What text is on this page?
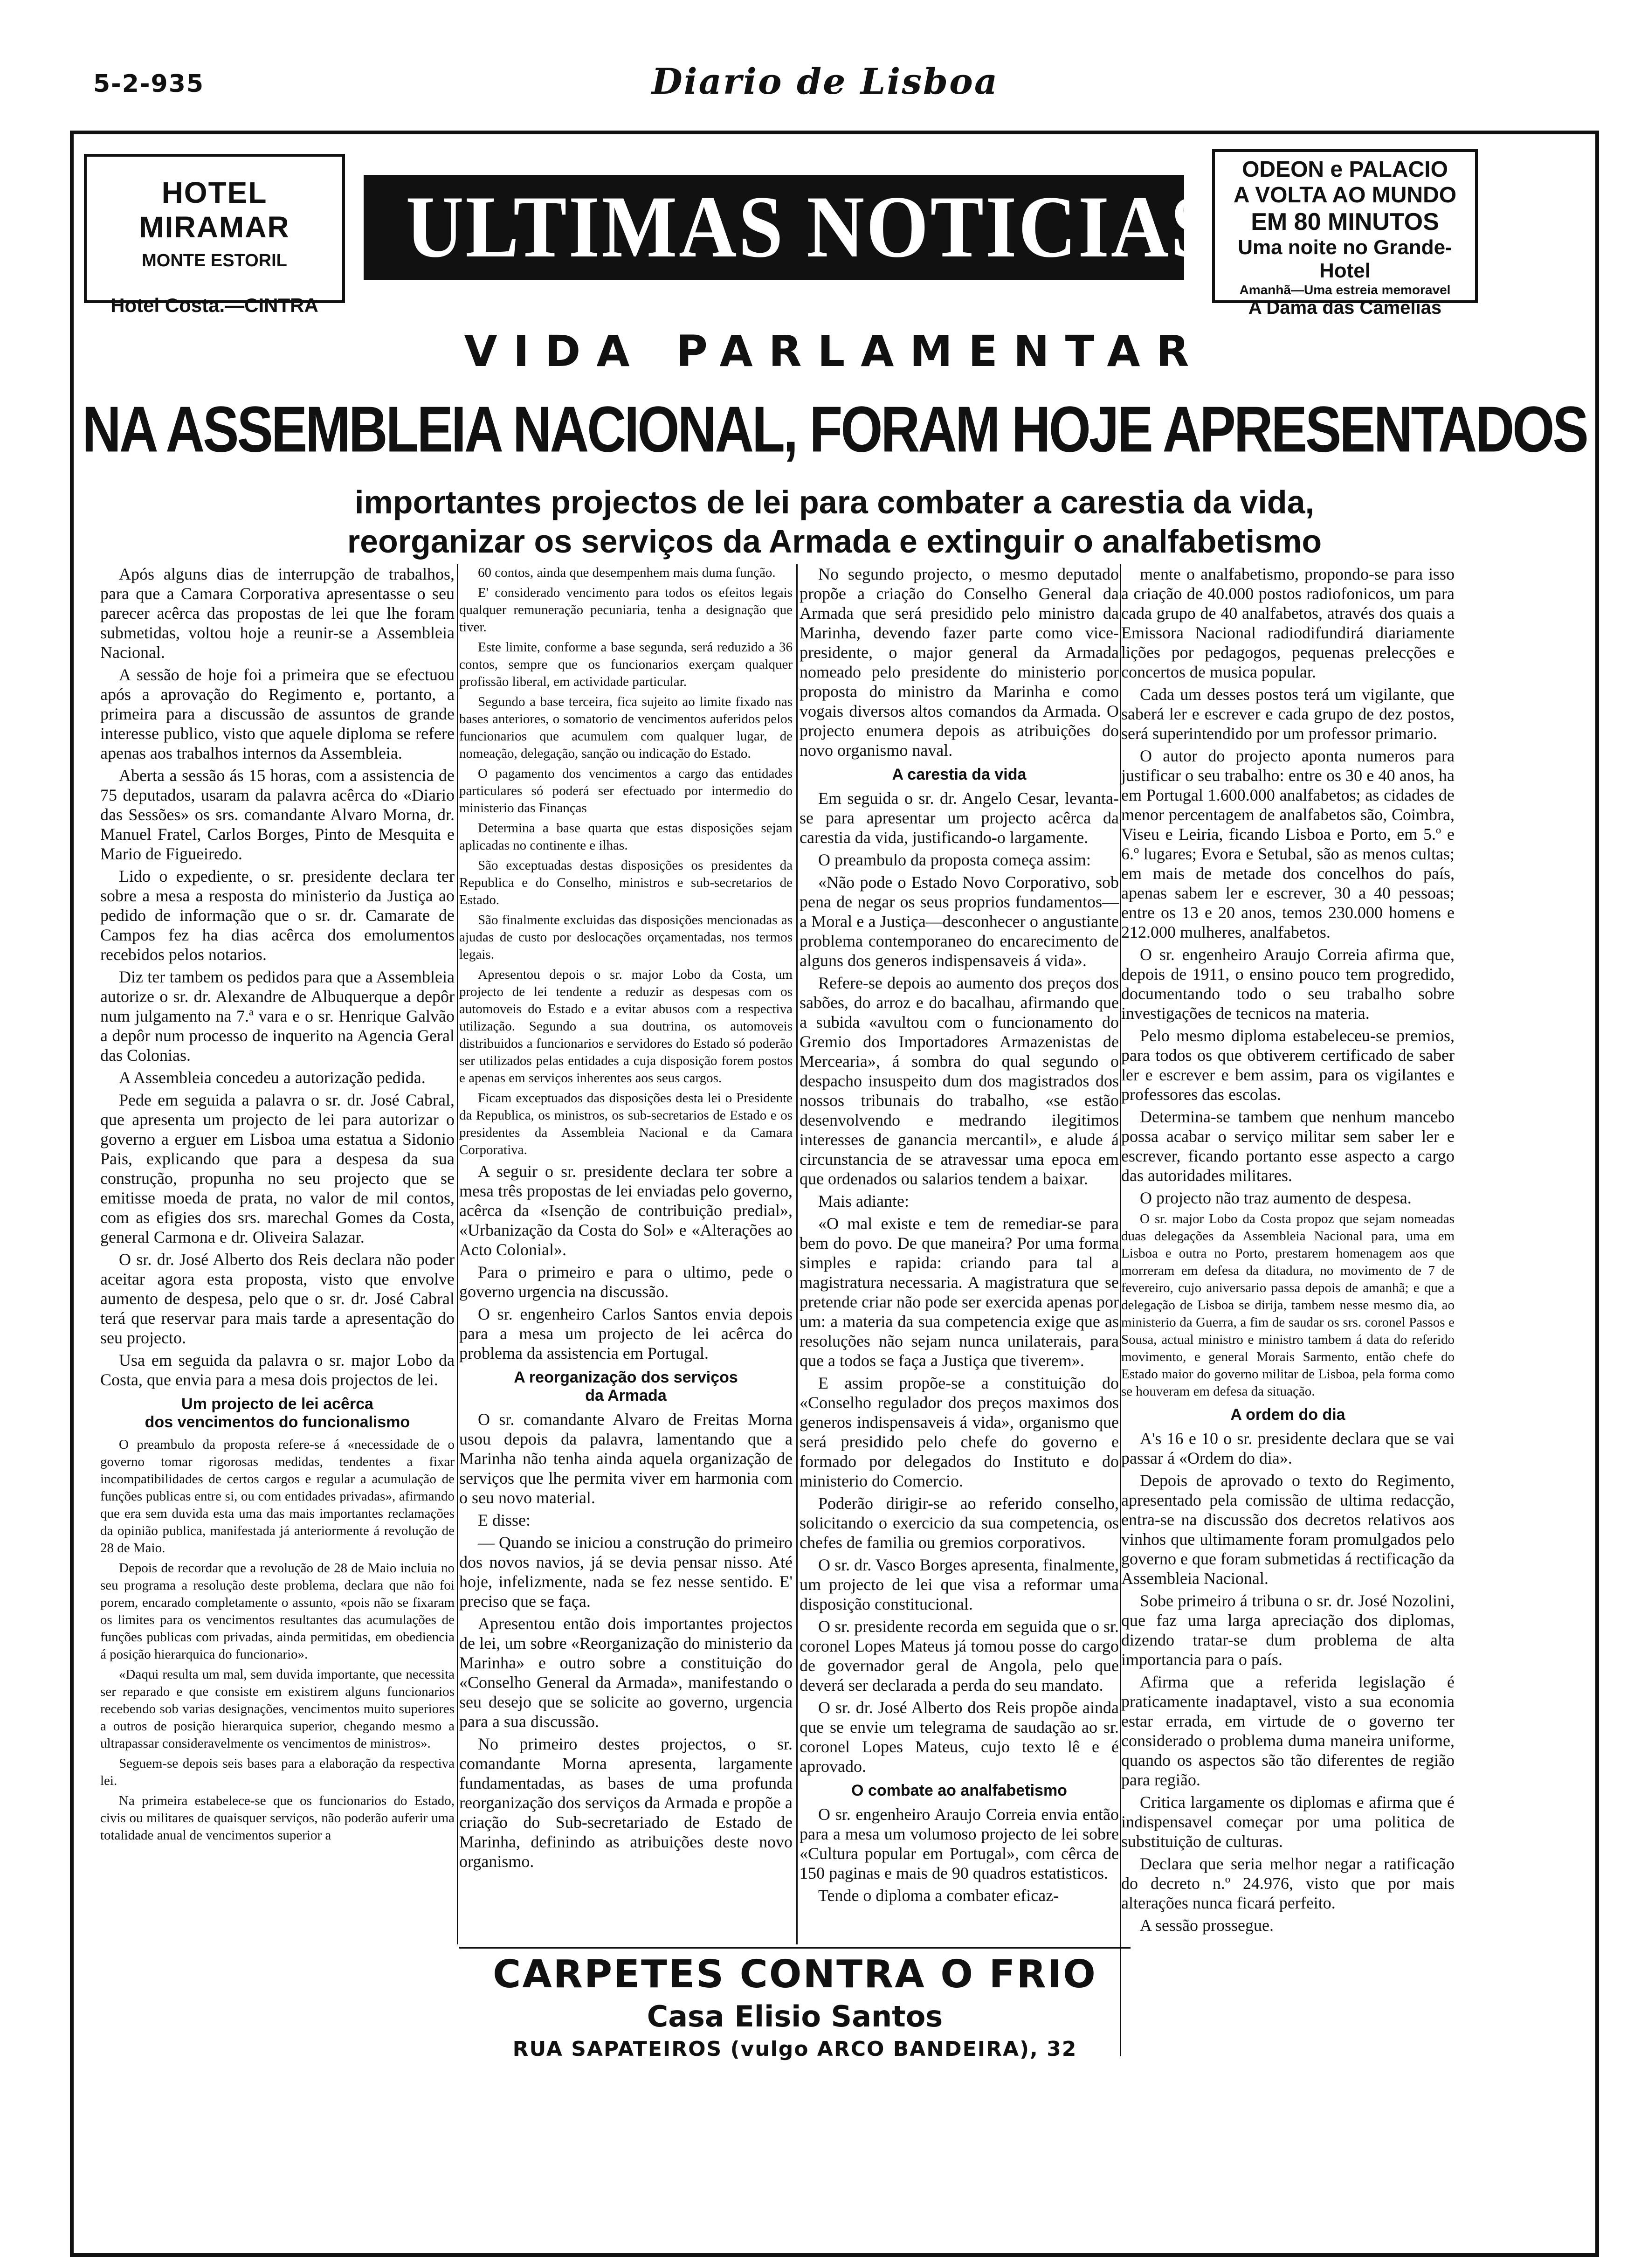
5-2-935	Diario de Lisboa
HOTEL MIRAMAR
MONTE ESTORIL
Hotel Costa.—CINTRA
ULTIMAS NOTICIAS
ODEON e PALACIO
A VOLTA AO MUNDO
EM 80 MINUTOS
Uma noite no Grande-Hotel
Amanhã—Uma estreia memoravel
A Dama das Camelias
VIDA PARLAMENTAR
NA ASSEMBLEIA NACIONAL, FORAM HOJE APRESENTADOS
importantes projectos de lei para combater a carestia da vida,
reorganizar os serviços da Armada e extinguir o analfabetismo

Após alguns dias de interrupção de trabalhos, para que a Camara Corporativa apresentasse o seu parecer acêrca das propostas de lei que lhe foram submetidas, voltou hoje a reunir-se a Assembleia Nacional.

A sessão de hoje foi a primeira que se efectuou após a aprovação do Regimento e, portanto, a primeira para a discussão de assuntos de grande interesse publico, visto que aquele diploma se refere apenas aos trabalhos internos da Assembleia.

Aberta a sessão ás 15 horas, com a assistencia de 75 deputados, usaram da palavra acêrca do «Diario das Sessões» os srs. comandante Alvaro Morna, dr. Manuel Fratel, Carlos Borges, Pinto de Mesquita e Mario de Figueiredo.

Lido o expediente, o sr. presidente declara ter sobre a mesa a resposta do ministerio da Justiça ao pedido de informação que o sr. dr. Camarate de Campos fez ha dias acêrca dos emolumentos recebidos pelos notarios.

Diz ter tambem os pedidos para que a Assembleia autorize o sr. dr. Alexandre de Albuquerque a depôr num julgamento na 7.ª vara e o sr. Henrique Galvão a depôr num processo de inquerito na Agencia Geral das Colonias.

A Assembleia concedeu a autorização pedida.

Pede em seguida a palavra o sr. dr. José Cabral, que apresenta um projecto de lei para autorizar o governo a erguer em Lisboa uma estatua a Sidonio Pais, explicando que para a despesa da sua construção, propunha no seu projecto que se emitisse moeda de prata, no valor de mil contos, com as efigies dos srs. marechal Gomes da Costa, general Carmona e dr. Oliveira Salazar.

O sr. dr. José Alberto dos Reis declara não poder aceitar agora esta proposta, visto que envolve aumento de despesa, pelo que o sr. dr. José Cabral terá que reservar para mais tarde a apresentação do seu projecto.

Usa em seguida da palavra o sr. major Lobo da Costa, que envia para a mesa dois projectos de lei.

Um projecto de lei acêrca
dos vencimentos do funcionalismo

O preambulo da proposta refere-se á «necessidade de o governo tomar rigorosas medidas, tendentes a fixar incompatibilidades de certos cargos e regular a acumulação de funções publicas entre si, ou com entidades privadas», afirmando que era sem duvida esta uma das mais importantes reclamações da opinião publica, manifestada já anteriormente á revolução de 28 de Maio.

Depois de recordar que a revolução de 28 de Maio incluia no seu programa a resolução deste problema, declara que não foi porem, encarado completamente o assunto, «pois não se fixaram os limites para os vencimentos resultantes das acumulações de funções publicas com privadas, ainda permitidas, em obediencia á posição hierarquica do funcionario».

«Daqui resulta um mal, sem duvida importante, que necessita ser reparado e que consiste em existirem alguns funcionarios recebendo sob varias designações, vencimentos muito superiores a outros de posição hierarquica superior, chegando mesmo a ultrapassar consideravelmente os vencimentos de ministros».

Seguem-se depois seis bases para a elaboração da respectiva lei.

Na primeira estabelece-se que os funcionarios do Estado, civis ou militares de quaisquer serviços, não poderão auferir uma totalidade anual de vencimentos superior a

60 contos, ainda que desempenhem mais duma função.

E' considerado vencimento para todos os efeitos legais qualquer remuneração pecuniaria, tenha a designação que tiver.

Este limite, conforme a base segunda, será reduzido a 36 contos, sempre que os funcionarios exerçam qualquer profissão liberal, em actividade particular.

Segundo a base terceira, fica sujeito ao limite fixado nas bases anteriores, o somatorio de vencimentos auferidos pelos funcionarios que acumulem com qualquer lugar, de nomeação, delegação, sanção ou indicação do Estado.

O pagamento dos vencimentos a cargo das entidades particulares só poderá ser efectuado por intermedio do ministerio das Finanças

Determina a base quarta que estas disposições sejam aplicadas no continente e ilhas.

São exceptuadas destas disposições os presidentes da Republica e do Conselho, ministros e sub-secretarios de Estado.

São finalmente excluidas das disposições mencionadas as ajudas de custo por deslocações orçamentadas, nos termos legais.

Apresentou depois o sr. major Lobo da Costa, um projecto de lei tendente a reduzir as despesas com os automoveis do Estado e a evitar abusos com a respectiva utilização. Segundo a sua doutrina, os automoveis distribuidos a funcionarios e servidores do Estado só poderão ser utilizados pelas entidades a cuja disposição forem postos e apenas em serviços inherentes aos seus cargos.

Ficam exceptuados das disposições desta lei o Presidente da Republica, os ministros, os sub-secretarios de Estado e os presidentes da Assembleia Nacional e da Camara Corporativa.

A seguir o sr. presidente declara ter sobre a mesa três propostas de lei enviadas pelo governo, acêrca da «Isenção de contribuição predial», «Urbanização da Costa do Sol» e «Alterações ao Acto Colonial».

Para o primeiro e para o ultimo, pede o governo urgencia na discussão.

O sr. engenheiro Carlos Santos envia depois para a mesa um projecto de lei acêrca do problema da assistencia em Portugal.

A reorganização dos serviços
da Armada

O sr. comandante Alvaro de Freitas Morna usou depois da palavra, lamentando que a Marinha não tenha ainda aquela organização de serviços que lhe permita viver em harmonia com o seu novo material.

E disse:

— Quando se iniciou a construção do primeiro dos novos navios, já se devia pensar nisso. Até hoje, infelizmente, nada se fez nesse sentido. E' preciso que se faça.

Apresentou então dois importantes projectos de lei, um sobre «Reorganização do ministerio da Marinha» e outro sobre a constituição do «Conselho General da Armada», manifestando o seu desejo que se solicite ao governo, urgencia para a sua discussão.

No primeiro destes projectos, o sr. comandante Morna apresenta, largamente fundamentadas, as bases de uma profunda reorganização dos serviços da Armada e propõe a criação do Sub-secretariado de Estado de Marinha, definindo as atribuições deste novo organismo.

No segundo projecto, o mesmo deputado propõe a criação do Conselho General da Armada que será presidido pelo ministro da Marinha, devendo fazer parte como vice-presidente, o major general da Armada nomeado pelo presidente do ministerio por proposta do ministro da Marinha e como vogais diversos altos comandos da Armada. O projecto enumera depois as atribuições do novo organismo naval.

A carestia da vida

Em seguida o sr. dr. Angelo Cesar, levanta-se para apresentar um projecto acêrca da carestia da vida, justificando-o largamente.

O preambulo da proposta começa assim:

«Não pode o Estado Novo Corporativo, sob pena de negar os seus proprios fundamentos—a Moral e a Justiça—desconhecer o angustiante problema contemporaneo do encarecimento de alguns dos generos indispensaveis á vida».

Refere-se depois ao aumento dos preços dos sabões, do arroz e do bacalhau, afirmando que a subida «avultou com o funcionamento do Gremio dos Importadores Armazenistas de Mercearia», á sombra do qual segundo o despacho insuspeito dum dos magistrados dos nossos tribunais do trabalho, «se estão desenvolvendo e medrando ilegitimos interesses de ganancia mercantil», e alude á circunstancia de se atravessar uma epoca em que ordenados ou salarios tendem a baixar.

Mais adiante:

«O mal existe e tem de remediar-se para bem do povo. De que maneira? Por uma forma simples e rapida: criando para tal a magistratura necessaria. A magistratura que se pretende criar não pode ser exercida apenas por um: a materia da sua competencia exige que as resoluções não sejam nunca unilaterais, para que a todos se faça a Justiça que tiverem».

E assim propõe-se a constituição do «Conselho regulador dos preços maximos dos generos indispensaveis á vida», organismo que será presidido pelo chefe do governo e formado por delegados do Instituto e do ministerio do Comercio.

Poderão dirigir-se ao referido conselho, solicitando o exercicio da sua competencia, os chefes de familia ou gremios corporativos.

O sr. dr. Vasco Borges apresenta, finalmente, um projecto de lei que visa a reformar uma disposição constitucional.

O sr. presidente recorda em seguida que o sr. coronel Lopes Mateus já tomou posse do cargo de governador geral de Angola, pelo que deverá ser declarada a perda do seu mandato.

O sr. dr. José Alberto dos Reis propõe ainda que se envie um telegrama de saudação ao sr. coronel Lopes Mateus, cujo texto lê e é aprovado.

O combate ao analfabetismo

O sr. engenheiro Araujo Correia envia então para a mesa um volumoso projecto de lei sobre «Cultura popular em Portugal», com cêrca de 150 paginas e mais de 90 quadros estatisticos.

Tende o diploma a combater eficaz-

mente o analfabetismo, propondo-se para isso a criação de 40.000 postos radiofonicos, um para cada grupo de 40 analfabetos, através dos quais a Emissora Nacional radiodifundirá diariamente lições por pedagogos, pequenas prelecções e concertos de musica popular.

Cada um desses postos terá um vigilante, que saberá ler e escrever e cada grupo de dez postos, será superintendido por um professor primario.

O autor do projecto aponta numeros para justificar o seu trabalho: entre os 30 e 40 anos, ha em Portugal 1.600.000 analfabetos; as cidades de menor percentagem de analfabetos são, Coimbra, Viseu e Leiria, ficando Lisboa e Porto, em 5.º e 6.º lugares; Evora e Setubal, são as menos cultas; em mais de metade dos concelhos do país, apenas sabem ler e escrever, 30 a 40 pessoas; entre os 13 e 20 anos, temos 230.000 homens e 212.000 mulheres, analfabetos.

O sr. engenheiro Araujo Correia afirma que, depois de 1911, o ensino pouco tem progredido, documentando todo o seu trabalho sobre investigações de tecnicos na materia.

Pelo mesmo diploma estabeleceu-se premios, para todos os que obtiverem certificado de saber ler e escrever e bem assim, para os vigilantes e professores das escolas.

Determina-se tambem que nenhum mancebo possa acabar o serviço militar sem saber ler e escrever, ficando portanto esse aspecto a cargo das autoridades militares.

O projecto não traz aumento de despesa.

O sr. major Lobo da Costa propoz que sejam nomeadas duas delegações da Assembleia Nacional para, uma em Lisboa e outra no Porto, prestarem homenagem aos que morreram em defesa da ditadura, no movimento de 7 de fevereiro, cujo aniversario passa depois de amanhã; e que a delegação de Lisboa se dirija, tambem nesse mesmo dia, ao ministerio da Guerra, a fim de saudar os srs. coronel Passos e Sousa, actual ministro e ministro tambem á data do referido movimento, e general Morais Sarmento, então chefe do Estado maior do governo militar de Lisboa, pela forma como se houveram em defesa da situação.

A ordem do dia

A's 16 e 10 o sr. presidente declara que se vai passar á «Ordem do dia».

Depois de aprovado o texto do Regimento, apresentado pela comissão de ultima redacção, entra-se na discussão dos decretos relativos aos vinhos que ultimamente foram promulgados pelo governo e que foram submetidas á rectificação da Assembleia Nacional.

Sobe primeiro á tribuna o sr. dr. José Nozolini, que faz uma larga apreciação dos diplomas, dizendo tratar-se dum problema de alta importancia para o país.

Afirma que a referida legislação é praticamente inadaptavel, visto a sua economia estar errada, em virtude de o governo ter considerado o problema duma maneira uniforme, quando os aspectos são tão diferentes de região para região.

Critica largamente os diplomas e afirma que é indispensavel começar por uma politica de substituição de culturas.

Declara que seria melhor negar a ratificação do decreto n.º 24.976, visto que por mais alterações nunca ficará perfeito.

A sessão prossegue.

CARPETES CONTRA O FRIO
Casa Elisio Santos
RUA SAPATEIROS (vulgo ARCO BANDEIRA), 32
